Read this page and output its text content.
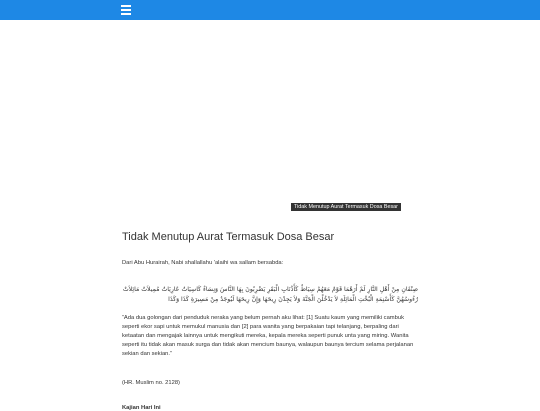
Tidak Menutup Aurat Termasuk Dosa Besar
Tidak Menutup Aurat Termasuk Dosa Besar

Dari Abu Hurairah, Nabi shallallahu 'alaihi wa sallam bersabda:

صِنْفَانِ مِنْ أَهْلِ النَّارِ لَمْ أَرَهُمَا قَوْمٌ مَعَهُمْ سِيَاطٌ كَأَذْنَابِ الْبَقَرِ يَضْرِبُونَ بِهَا النَّاسَ وَنِسَاءٌ كَاسِيَاتٌ عَارِيَاتٌ مُمِيلاَتٌ مَائِلاَتٌ رُءُوسُهُنَّ كَأَسْنِمَةِ الْبُخْتِ الْمَائِلَةِ لاَ يَدْخُلْنَ الْجَنَّةَ وَلاَ يَجِدْنَ رِيحَهَا وَإِنَّ رِيحَهَا لَيُوجَدُ مِنْ مَسِيرَةِ كَذَا وَكَذَا

“Ada dua golongan dari penduduk neraka yang belum pernah aku lihat: [1] Suatu kaum yang memiliki cambuk seperti ekor sapi untuk memukul manusia dan [2] para wanita yang berpakaian tapi telanjang, berpaling dari ketaatan dan mengajak lainnya untuk mengikuti mereka, kepala mereka seperti punuk unta yang miring. Wanita seperti itu tidak akan masuk surga dan tidak akan mencium baunya, walaupun baunya tercium selama perjalanan sekian dan sekian.”

(HR. Muslim no. 2128)

Kajian Hari Ini
